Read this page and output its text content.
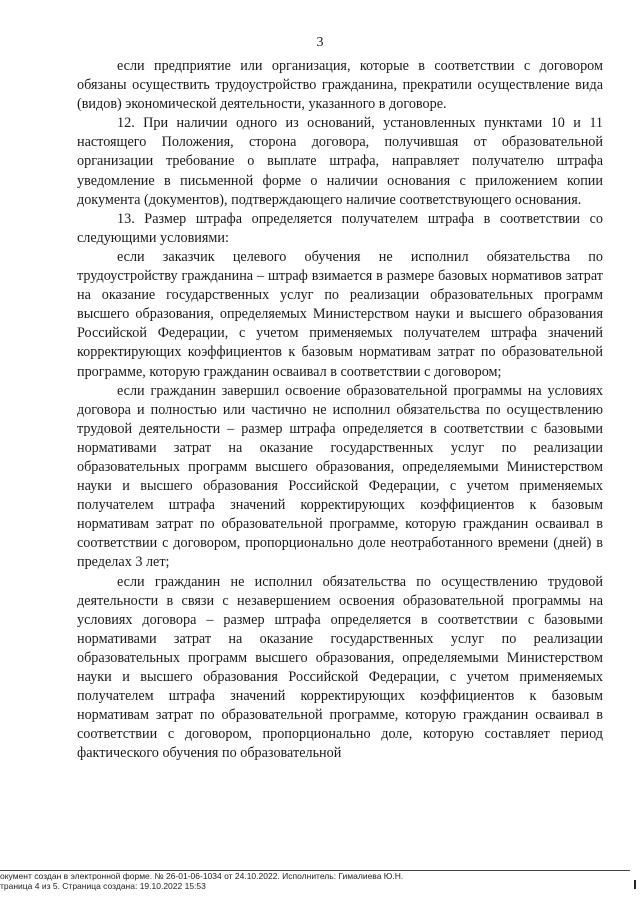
3

если предприятие или организация, которые в соответствии с договором обязаны осуществить трудоустройство гражданина, прекратили осуществление вида (видов) экономической деятельности, указанного в договоре.

12. При наличии одного из оснований, установленных пунктами 10 и 11 настоящего Положения, сторона договора, получившая от образовательной организации требование о выплате штрафа, направляет получателю штрафа уведомление в письменной форме о наличии основания с приложением копии документа (документов), подтверждающего наличие соответствующего основания.

13. Размер штрафа определяется получателем штрафа в соответствии со следующими условиями:

если заказчик целевого обучения не исполнил обязательства по трудоустройству гражданина – штраф взимается в размере базовых нормативов затрат на оказание государственных услуг по реализации образовательных программ высшего образования, определяемых Министерством науки и высшего образования Российской Федерации, с учетом применяемых получателем штрафа значений корректирующих коэффициентов к базовым нормативам затрат по образовательной программе, которую гражданин осваивал в соответствии с договором;

если гражданин завершил освоение образовательной программы на условиях договора и полностью или частично не исполнил обязательства по осуществлению трудовой деятельности – размер штрафа определяется в соответствии с базовыми нормативами затрат на оказание государственных услуг по реализации образовательных программ высшего образования, определяемыми Министерством науки и высшего образования Российской Федерации, с учетом применяемых получателем штрафа значений корректирующих коэффициентов к базовым нормативам затрат по образовательной программе, которую гражданин осваивал в соответствии с договором, пропорционально доле неотработанного времени (дней) в пределах 3 лет;

если гражданин не исполнил обязательства по осуществлению трудовой деятельности в связи с незавершением освоения образовательной программы на условиях договора – размер штрафа определяется в соответствии с базовыми нормативами затрат на оказание государственных услуг по реализации образовательных программ высшего образования, определяемыми Министерством науки и высшего образования Российской Федерации, с учетом применяемых получателем штрафа значений корректирующих коэффициентов к базовым нормативам затрат по образовательной программе, которую гражданин осваивал в соответствии с договором, пропорционально доле, которую составляет период фактического обучения по образовательной

окумент создан в электронной форме. № 26-01-06-1034 от 24.10.2022. Исполнитель: Гималиева Ю.Н.
траница 4 из 5. Страница создана: 19.10.2022 15:53
